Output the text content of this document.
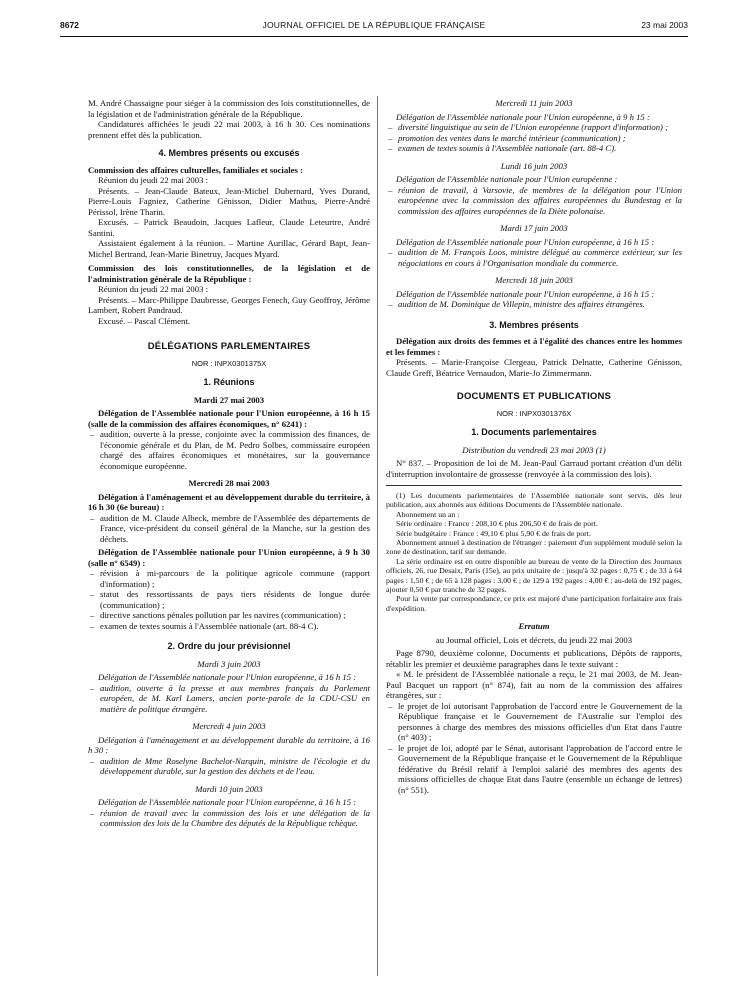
8672	JOURNAL OFFICIEL DE LA RÉPUBLIQUE FRANÇAISE	23 mai 2003

M. André Chassaigne pour siéger à la commission des lois constitutionnelles, de la législation et de l'administration générale de la République.

Candidatures affichées le jeudi 22 mai 2003, à 16 h 30. Ces nominations prennent effet dès la publication.

4. Membres présents ou excusés

Commission des affaires culturelles, familiales et sociales :

Réunion du jeudi 22 mai 2003 :

Présents. – Jean-Claude Bateux, Jean-Michel Dubernard, Yves Durand, Pierre-Louis Fagniez, Catherine Génisson, Didier Mathus, Pierre-André Périssol, Irène Tharin.

Excusés. – Patrick Beaudoin, Jacques Lafleur, Claude Leteurtre, André Santini.

Assistaient également à la réunion. – Martine Aurillac, Gérard Bapt, Jean-Michel Bertrand, Jean-Marie Binetruy, Jacques Myard.

Commission des lois constitutionnelles, de la législation et de l'administration générale de la République :

Réunion du jeudi 22 mai 2003 :

Présents. – Marc-Philippe Daubresse, Georges Fenech, Guy Geoffroy, Jérôme Lambert, Robert Pandraud.

Excusé. – Pascal Clément.

DÉLÉGATIONS PARLEMENTAIRES
NOR : INPX0301375X
1. Réunions
Mardi 27 mai 2003

Délégation de l'Assemblée nationale pour l'Union européenne, à 16 h 15 (salle de la commission des affaires économiques, n° 6241) :

– audition, ouverte à la presse, conjointe avec la commission des finances, de l'économie générale et du Plan, de M. Pedro Solbes, commissaire européen chargé des affaires économiques et monétaires, sur la gouvernance économique européenne.
Mercredi 28 mai 2003

Délégation à l'aménagement et au développement durable du territoire, à 16 h 30 (6e bureau) :

– audition de M. Claude Albeck, membre de l'Assemblée des départements de France, vice-président du conseil général de la Manche, sur la gestion des déchets.

Délégation de l'Assemblée nationale pour l'Union européenne, à 9 h 30 (salle n° 6549) :

– révision à mi-parcours de la politique agricole commune (rapport d'information) ;
– statut des ressortissants de pays tiers résidents de longue durée (communication) ;
– directive sanctions pénales pollution par les navires (communication) ;
– examen de textes soumis à l'Assemblée nationale (art. 88-4 C).
2. Ordre du jour prévisionnel
Mardi 3 juin 2003

Délégation de l'Assemblée nationale pour l'Union européenne, à 16 h 15 :

– audition, ouverte à la presse et aux membres français du Parlement européen, de M. Karl Lamers, ancien porte-parole de la CDU-CSU en matière de politique étrangère.
Mercredi 4 juin 2003

Délégation à l'aménagement et au développement durable du territoire, à 16 h 30 :

– audition de Mme Roselyne Bachelot-Narquin, ministre de l'écologie et du développement durable, sur la gestion des déchets et de l'eau.
Mardi 10 juin 2003

Délégation de l'Assemblée nationale pour l'Union européenne, à 16 h 15 :

– réunion de travail avec la commission des lois et une délégation de la commission des lois de la Chambre des députés de la République tchèque.
Mercredi 11 juin 2003

Délégation de l'Assemblée nationale pour l'Union européenne, à 9 h 15 :

– diversité linguistique au sein de l'Union européenne (rapport d'information) ;
– promotion des ventes dans le marché intérieur (communication) ;
– examen de textes soumis à l'Assemblée nationale (art. 88-4 C).
Lundi 16 juin 2003

Délégation de l'Assemblée nationale pour l'Union européenne :

– réunion de travail, à Varsovie, de membres de la délégation pour l'Union européenne avec la commission des affaires européennes du Bundestag et la commission des affaires européennes de la Diète polonaise.
Mardi 17 juin 2003

Délégation de l'Assemblée nationale pour l'Union européenne, à 16 h 15 :

– audition de M. François Loos, ministre délégué au commerce extérieur, sur les négociations en cours à l'Organisation mondiale du commerce.
Mercredi 18 juin 2003

Délégation de l'Assemblée nationale pour l'Union européenne, à 16 h 15 :

– audition de M. Dominique de Villepin, ministre des affaires étrangères.
3. Membres présents

Délégation aux droits des femmes et à l'égalité des chances entre les hommes et les femmes :

Présents. – Marie-Françoise Clergeau, Patrick Delnatte, Catherine Génisson, Claude Greff, Béatrice Vernaudon, Marie-Jo Zimmermann.

DOCUMENTS ET PUBLICATIONS
NOR : INPX0301376X
1. Documents parlementaires
Distribution du vendredi 23 mai 2003 (1)

N° 837. – Proposition de loi de M. Jean-Paul Garraud portant création d'un délit d'interruption involontaire de grossesse (renvoyée à la commission des lois).

(1) Les documents parlementaires de l'Assemblée nationale sont servis, dès leur publication, aux abonnés aux éditions Documents de l'Assemblée nationale.

Abonnement un an :

Série ordinaire : France : 208,10 € plus 206,50 € de frais de port.

Série budgétaire : France : 49,10 € plus 5,90 € de frais de port.

Abonnement annuel à destination de l'étranger : paiement d'un supplément modulé selon la zone de destination, tarif sur demande.

La série ordinaire est en outre disponible au bureau de vente de la Direction des Journaux officiels, 26, rue Desaix, Paris (15e), au prix unitaire de : jusqu'à 32 pages : 0,75 € ; de 33 à 64 pages : 1,50 € ; de 65 à 128 pages : 3,00 € ; de 129 à 192 pages : 4,00 € ; au-delà de 192 pages, ajouter 0,50 € par tranche de 32 pages.

Pour la vente par correspondance, ce prix est majoré d'une participation forfaitaire aux frais d'expédition.

Erratum

au Journal officiel, Lois et décrets, du jeudi 22 mai 2003

Page 8790, deuxième colonne, Documents et publications, Dépôts de rapports, rétablir les premier et deuxième paragraphes dans le texte suivant :

« M. le président de l'Assemblée nationale a reçu, le 21 mai 2003, de M. Jean-Paul Bacquet un rapport (n° 874), fait au nom de la commission des affaires étrangères, sur :

– le projet de loi autorisant l'approbation de l'accord entre le Gouvernement de la République française et le Gouvernement de l'Australie sur l'emploi des personnes à charge des membres des missions officielles d'un Etat dans l'autre (n° 403) ;
– le projet de loi, adopté par le Sénat, autorisant l'approbation de l'accord entre le Gouvernement de la République française et le Gouvernement de la République fédérative du Brésil relatif à l'emploi salarié des membres des agents des missions officielles de chaque Etat dans l'autre (ensemble un échange de lettres) (n° 551).
